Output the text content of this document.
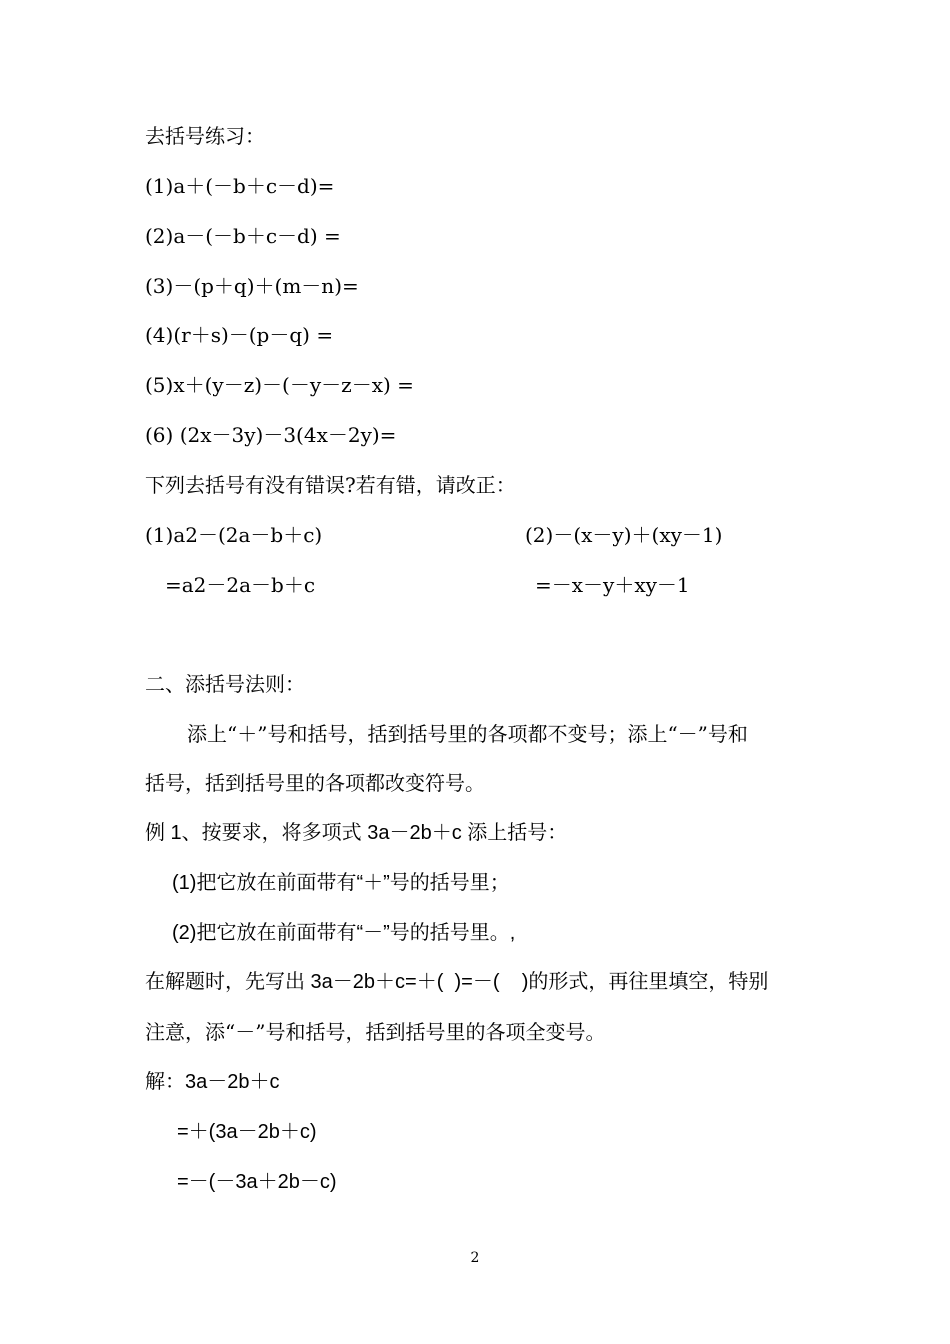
去括号练习：
(1)a＋(－b＋c－d)=
(2)a－(－b＋c－d) =
(3)－(p＋q)＋(m－n)=
(4)(r＋s)－(p－q) =
(5)x＋(y－z)－(－y－z－x) =
(6) (2x－3y)－3(4x－2y)=
下列去括号有没有错误?若有错，请改正：
(1)a2－(2a－b＋c)	(2)－(x－y)＋(xy－1)
=a2－2a－b＋c	=－x－y＋xy－1
二、添括号法则：
添上“＋”号和括号，括到括号里的各项都不变号；添上“－”号和
括号，括到括号里的各项都改变符号。
例 1、按要求，将多项式 3a－2b＋c 添上括号：
(1)把它放在前面带有“＋”号的括号里；
(2)把它放在前面带有“－”号的括号里。,
在解题时，先写出 3a－2b＋c=＋(  )=－(    )的形式，再往里填空，特别
注意，添“－”号和括号，括到括号里的各项全变号。
解：3a－2b＋c
=＋(3a－2b＋c)
=－(－3a＋2b－c)
2
